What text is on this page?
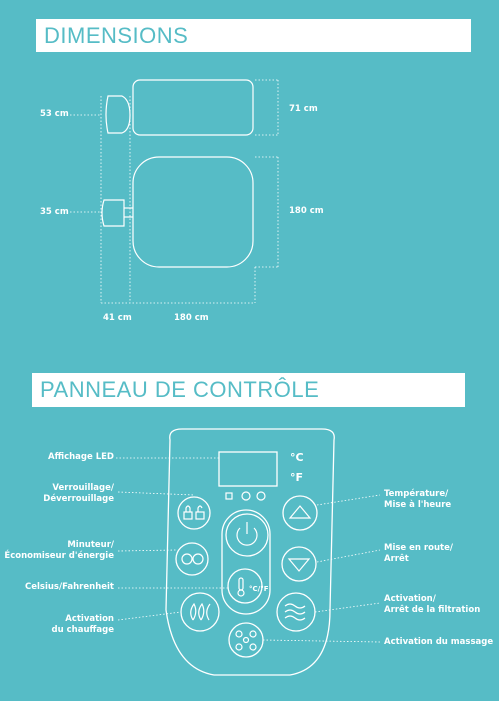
DIMENSIONS
53 cm	71 cm
35 cm	180 cm
41 cm	180 cm
PANNEAU DE CONTRÔLE
°C
°F
°C/°F
Affichage LED
Verrouillage/
Déverrouillage
Minuteur/
Économiseur d'énergie
Celsius/Fahrenheit
Activation
du chauffage
Température/
Mise à l'heure
Mise en route/
Arrêt
Activation/
Arrêt de la filtration
Activation du massage
